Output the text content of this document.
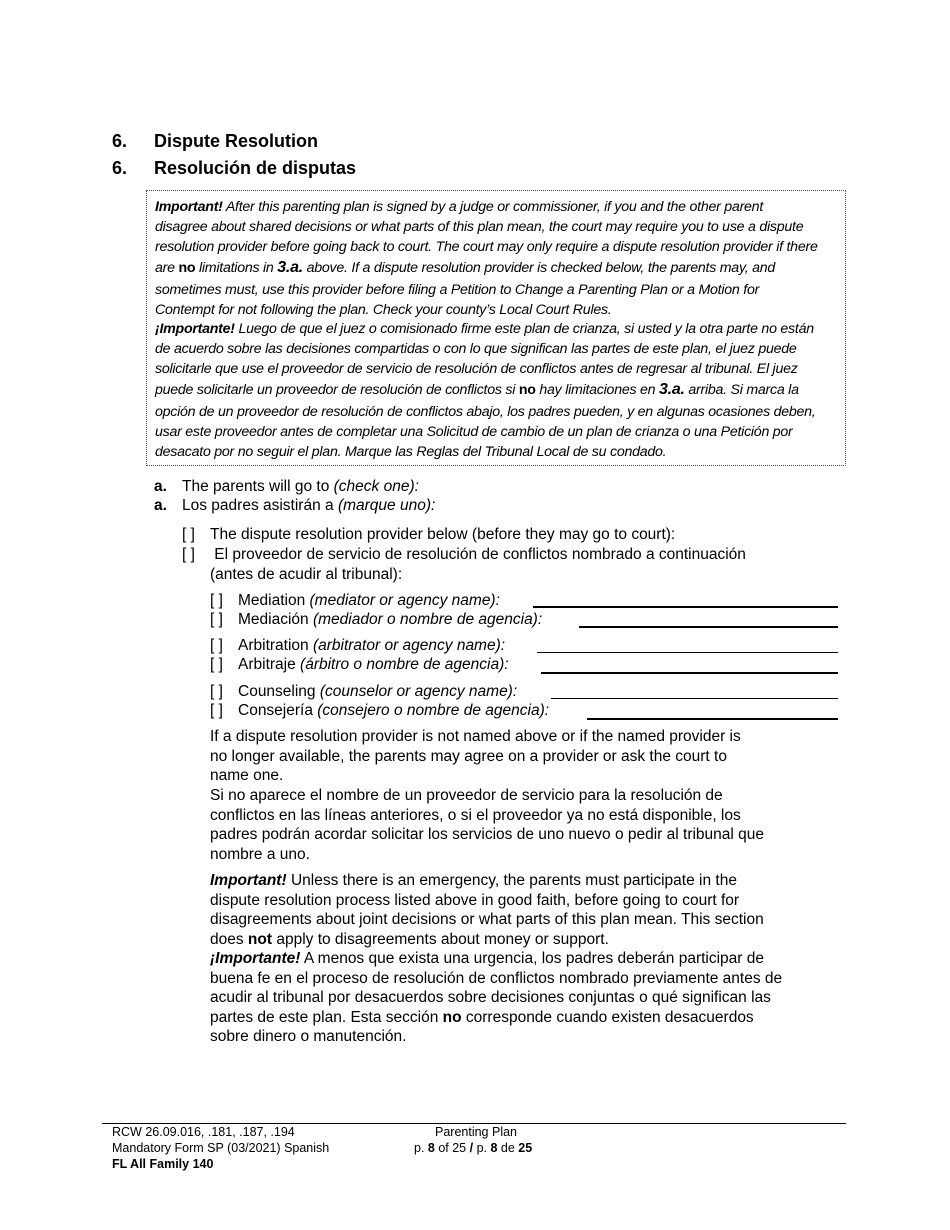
6. Dispute Resolution
6. Resolución de disputas
Important! After this parenting plan is signed by a judge or commissioner, if you and the other parent
disagree about shared decisions or what parts of this plan mean, the court may require you to use a dispute
resolution provider before going back to court. The court may only require a dispute resolution provider if there
are no limitations in 3.a. above. If a dispute resolution provider is checked below, the parents may, and
sometimes must, use this provider before filing a Petition to Change a Parenting Plan or a Motion for
Contempt for not following the plan. Check your county’s Local Court Rules.
¡Importante! Luego de que el juez o comisionado firme este plan de crianza, si usted y la otra parte no están
de acuerdo sobre las decisiones compartidas o con lo que significan las partes de este plan, el juez puede
solicitarle que use el proveedor de servicio de resolución de conflictos antes de regresar al tribunal. El juez
puede solicitarle un proveedor de resolución de conflictos si no hay limitaciones en 3.a. arriba. Si marca la
opción de un proveedor de resolución de conflictos abajo, los padres pueden, y en algunas ocasiones deben,
usar este proveedor antes de completar una Solicitud de cambio de un plan de crianza o una Petición por
desacato por no seguir el plan. Marque las Reglas del Tribunal Local de su condado.
a. The parents will go to (check one):
a. Los padres asistirán a (marque uno):
[ ] The dispute resolution provider below (before they may go to court):
[ ] El proveedor de servicio de resolución de conflictos nombrado a continuación
(antes de acudir al tribunal):
[ ] Mediation (mediator or agency name):
[ ] Mediación (mediador o nombre de agencia):
[ ] Arbitration (arbitrator or agency name):
[ ] Arbitraje (árbitro o nombre de agencia):
[ ] Counseling (counselor or agency name):
[ ] Consejería (consejero o nombre de agencia):
If a dispute resolution provider is not named above or if the named provider is
no longer available, the parents may agree on a provider or ask the court to
name one.
Si no aparece el nombre de un proveedor de servicio para la resolución de
conflictos en las líneas anteriores, o si el proveedor ya no está disponible, los
padres podrán acordar solicitar los servicios de uno nuevo o pedir al tribunal que
nombre a uno.
Important! Unless there is an emergency, the parents must participate in the
dispute resolution process listed above in good faith, before going to court for
disagreements about joint decisions or what parts of this plan mean. This section
does not apply to disagreements about money or support.
¡Importante! A menos que exista una urgencia, los padres deberán participar de
buena fe en el proceso de resolución de conflictos nombrado previamente antes de
acudir al tribunal por desacuerdos sobre decisiones conjuntas o qué significan las
partes de este plan. Esta sección no corresponde cuando existen desacuerdos
sobre dinero o manutención.
RCW 26.09.016, .181, .187, .194
Mandatory Form SP (03/2021) Spanish
FL All Family 140
Parenting Plan
p. 8 of 25 / p. 8 de 25
